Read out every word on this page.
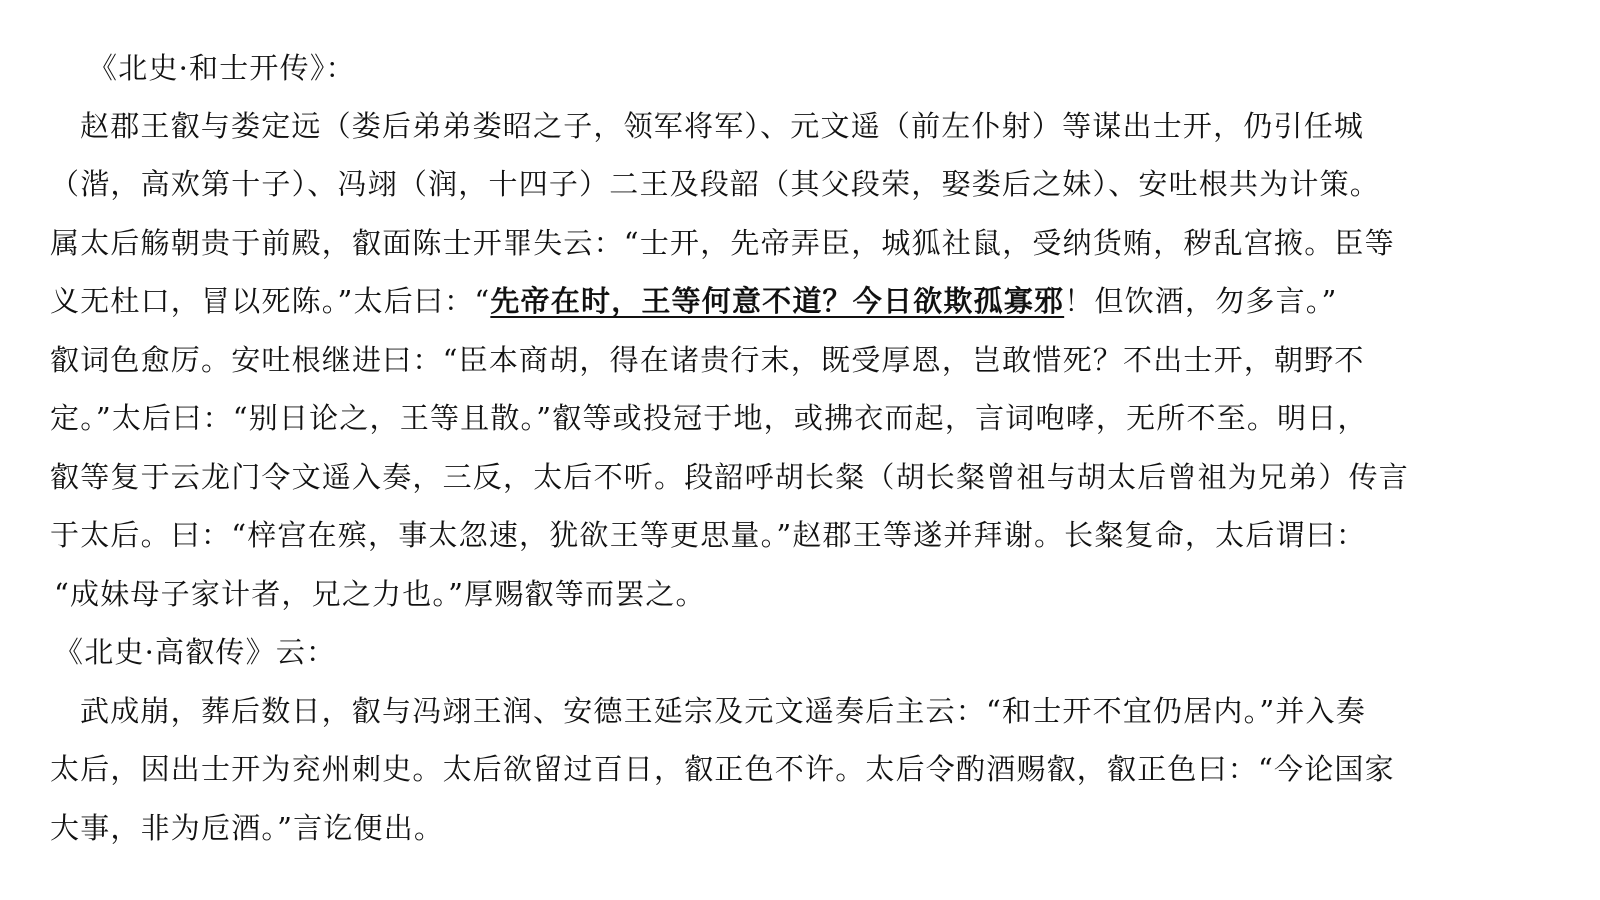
《北史·和士开传》：
赵郡王叡与娄定远（娄后弟弟娄昭之子，领军将军）、元文遥（前左仆射）等谋出士开，仍引任城
（湝，高欢第十子）、冯翊（润，十四子）二王及段韶（其父段荣，娶娄后之妹）、安吐根共为计策。
属太后觞朝贵于前殿，叡面陈士开罪失云：“士开，先帝弄臣，城狐社鼠，受纳货贿，秽乱宫掖。臣等
义无杜口，冒以死陈。”太后曰：“先帝在时，王等何意不道？今日欲欺孤寡邪！但饮酒，勿多言。”
叡词色愈厉。安吐根继进曰：“臣本商胡，得在诸贵行末，既受厚恩，岂敢惜死？不出士开，朝野不
定。”太后曰：“别日论之，王等且散。”叡等或投冠于地，或拂衣而起，言词咆哮，无所不至。明日，
叡等复于云龙门令文遥入奏，三反，太后不听。段韶呼胡长粲（胡长粲曾祖与胡太后曾祖为兄弟）传言
于太后。曰：“梓宫在殡，事太忽速，犹欲王等更思量。”赵郡王等遂并拜谢。长粲复命，太后谓曰：
“成妹母子家计者，兄之力也。”厚赐叡等而罢之。
《北史·高叡传》云：
武成崩，葬后数日，叡与冯翊王润、安德王延宗及元文遥奏后主云：“和士开不宜仍居内。”并入奏
太后，因出士开为兖州刺史。太后欲留过百日，叡正色不许。太后令酌酒赐叡，叡正色曰：“今论国家
大事，非为卮酒。”言讫便出。
